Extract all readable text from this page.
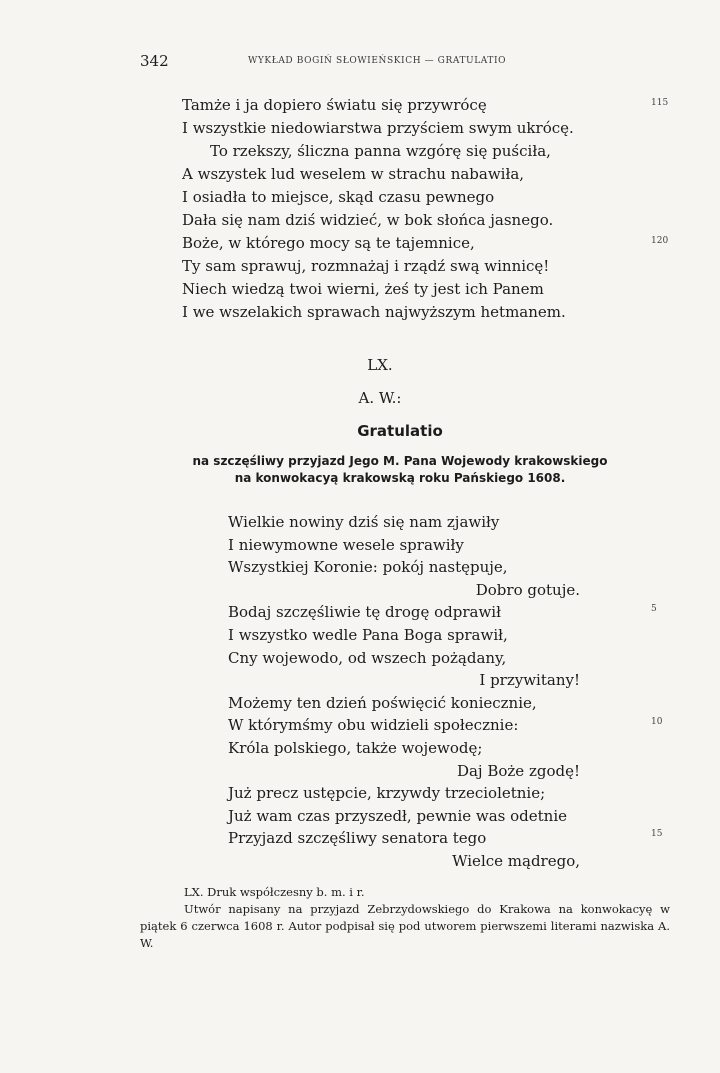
342	WYKŁAD BOGIŃ SŁOWIEŃSKICH — GRATULATIO
Tamże i ja dopiero światu się przywrócę
I wszystkie niedowiarstwa przyściem swym ukrócę.
To rzekszy, śliczna panna wzgórę się puściła,
A wszystek lud weselem w strachu nabawiła,
I osiadła to miejsce, skąd czasu pewnego
Dała się nam dziś widzieć, w bok słońca jasnego.
Boże, w którego mocy są te tajemnice,
Ty sam sprawuj, rozmnażaj i rządź swą winnicę!
Niech wiedzą twoi wierni, żeś ty jest ich Panem
I we wszelakich sprawach najwyższym hetmanem.
115
120
LX.
A. W.:
Gratulatio
na szczęśliwy przyjazd Jego M. Pana Wojewody krakowskiego
na konwokacyą krakowską roku Pańskiego 1608.
Wielkie nowiny dziś się nam zjawiły
I niewymowne wesele sprawiły
Wszystkiej Koronie: pokój następuje,
Dobro gotuje.
Bodaj szczęśliwie tę drogę odprawił
I wszystko wedle Pana Boga sprawił,
Cny wojewodo, od wszech pożądany,
I przywitany!
Możemy ten dzień poświęcić koniecznie,
W którymśmy obu widzieli społecznie:
Króla polskiego, także wojewodę;
Daj Boże zgodę!
Już precz ustępcie, krzywdy trzecioletnie;
Już wam czas przyszedł, pewnie was odetnie
Przyjazd szczęśliwy senatora tego
Wielce mądrego,
5
10
15

LX. Druk współczesny b. m. i r.

Utwór napisany na przyjazd Zebrzydowskiego do Krakowa na konwokacyę w piątek 6 czerwca 1608 r. Autor podpisał się pod utworem pierwszemi literami nazwiska A. W.
